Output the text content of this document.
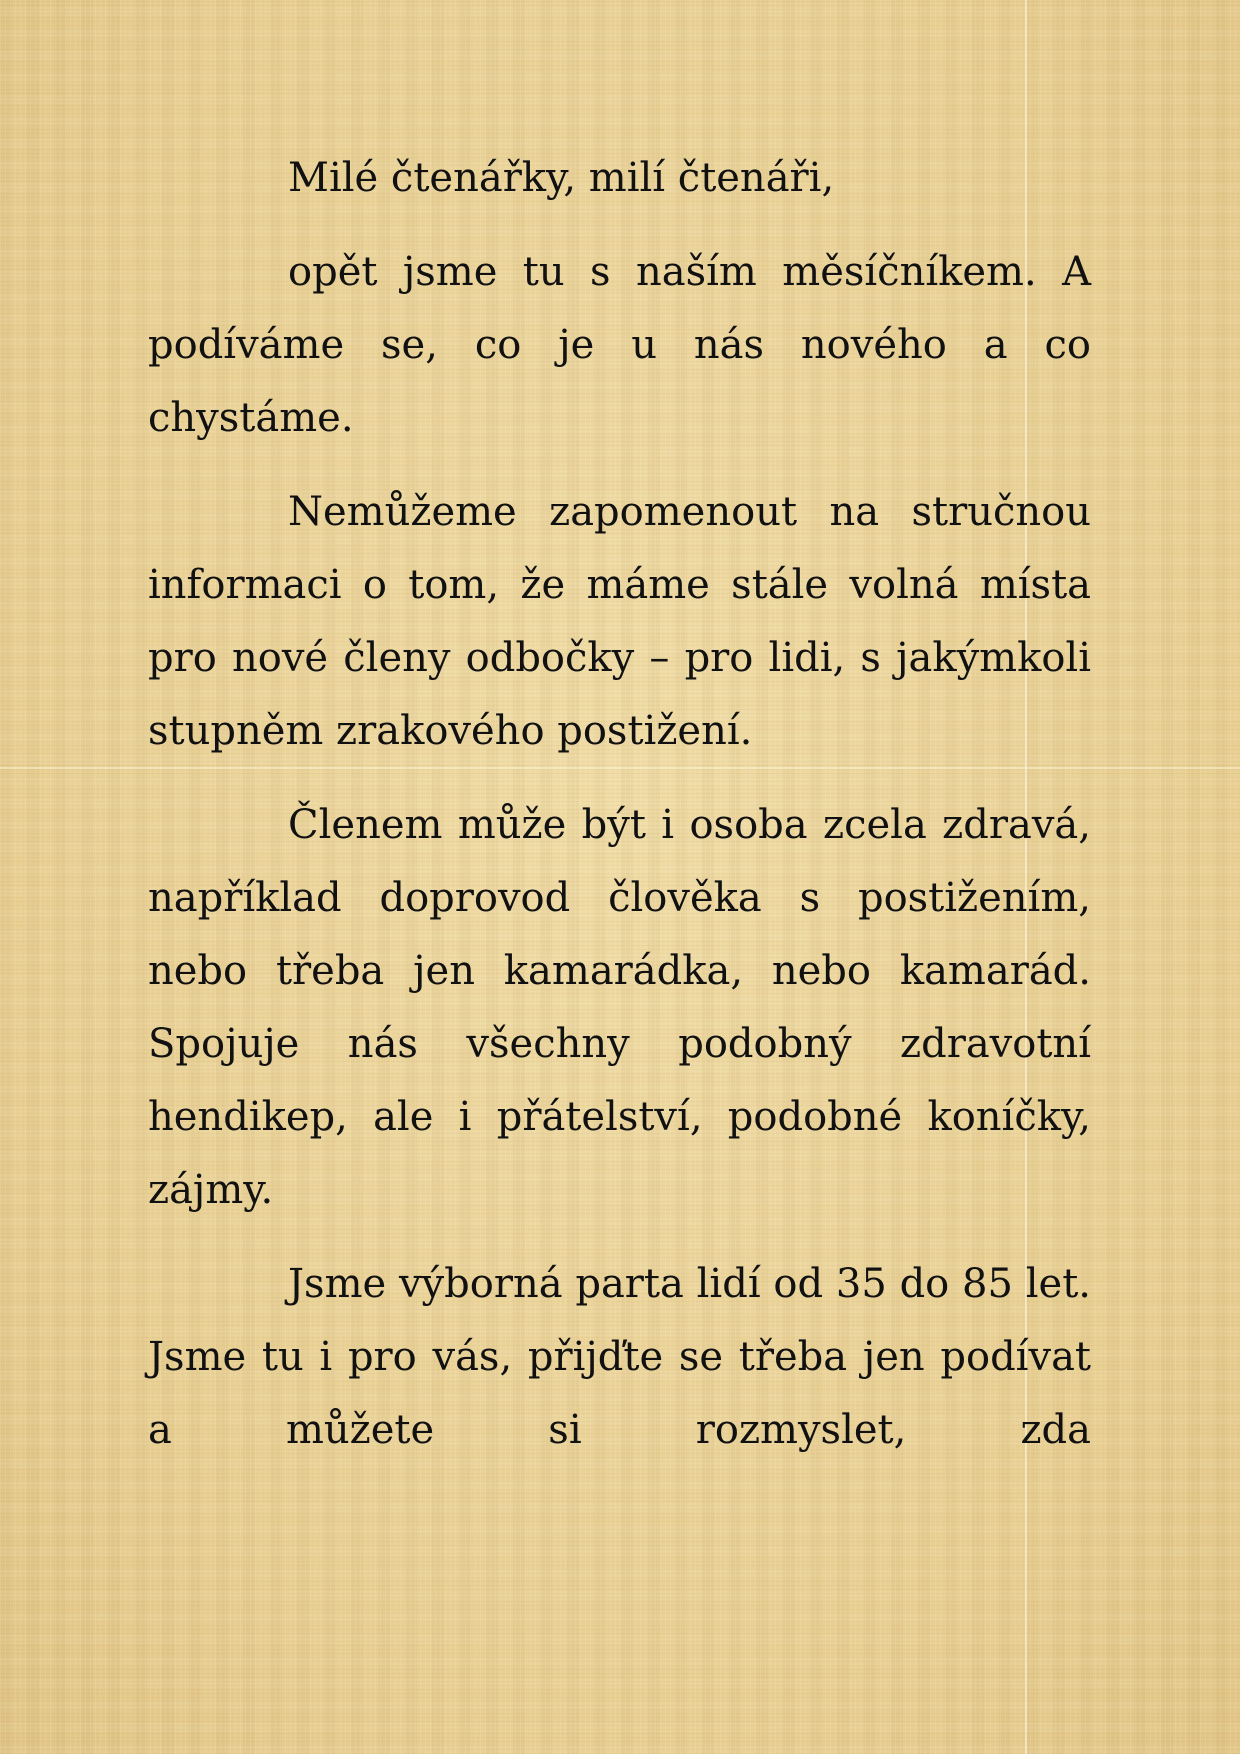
Milé čtenářky, milí čtenáři,

opět jsme tu s naším měsíčníkem. A podíváme se, co je u nás nového a co chystáme.

Nemůžeme zapomenout na stručnou informaci o tom, že máme stále volná místa pro nové členy odbočky – pro lidi, s jakýmkoli stupněm zrakového postižení.

Členem může být i osoba zcela zdravá, například doprovod člověka s postižením, nebo třeba jen kamarádka, nebo kamarád. Spojuje nás všechny podobný zdravotní hendikep, ale i přátelství, podobné koníčky, zájmy.

Jsme výborná parta lidí od 35 do 85 let. Jsme tu i pro vás, přijďte se třeba jen podívat a můžete si rozmyslet, zda
